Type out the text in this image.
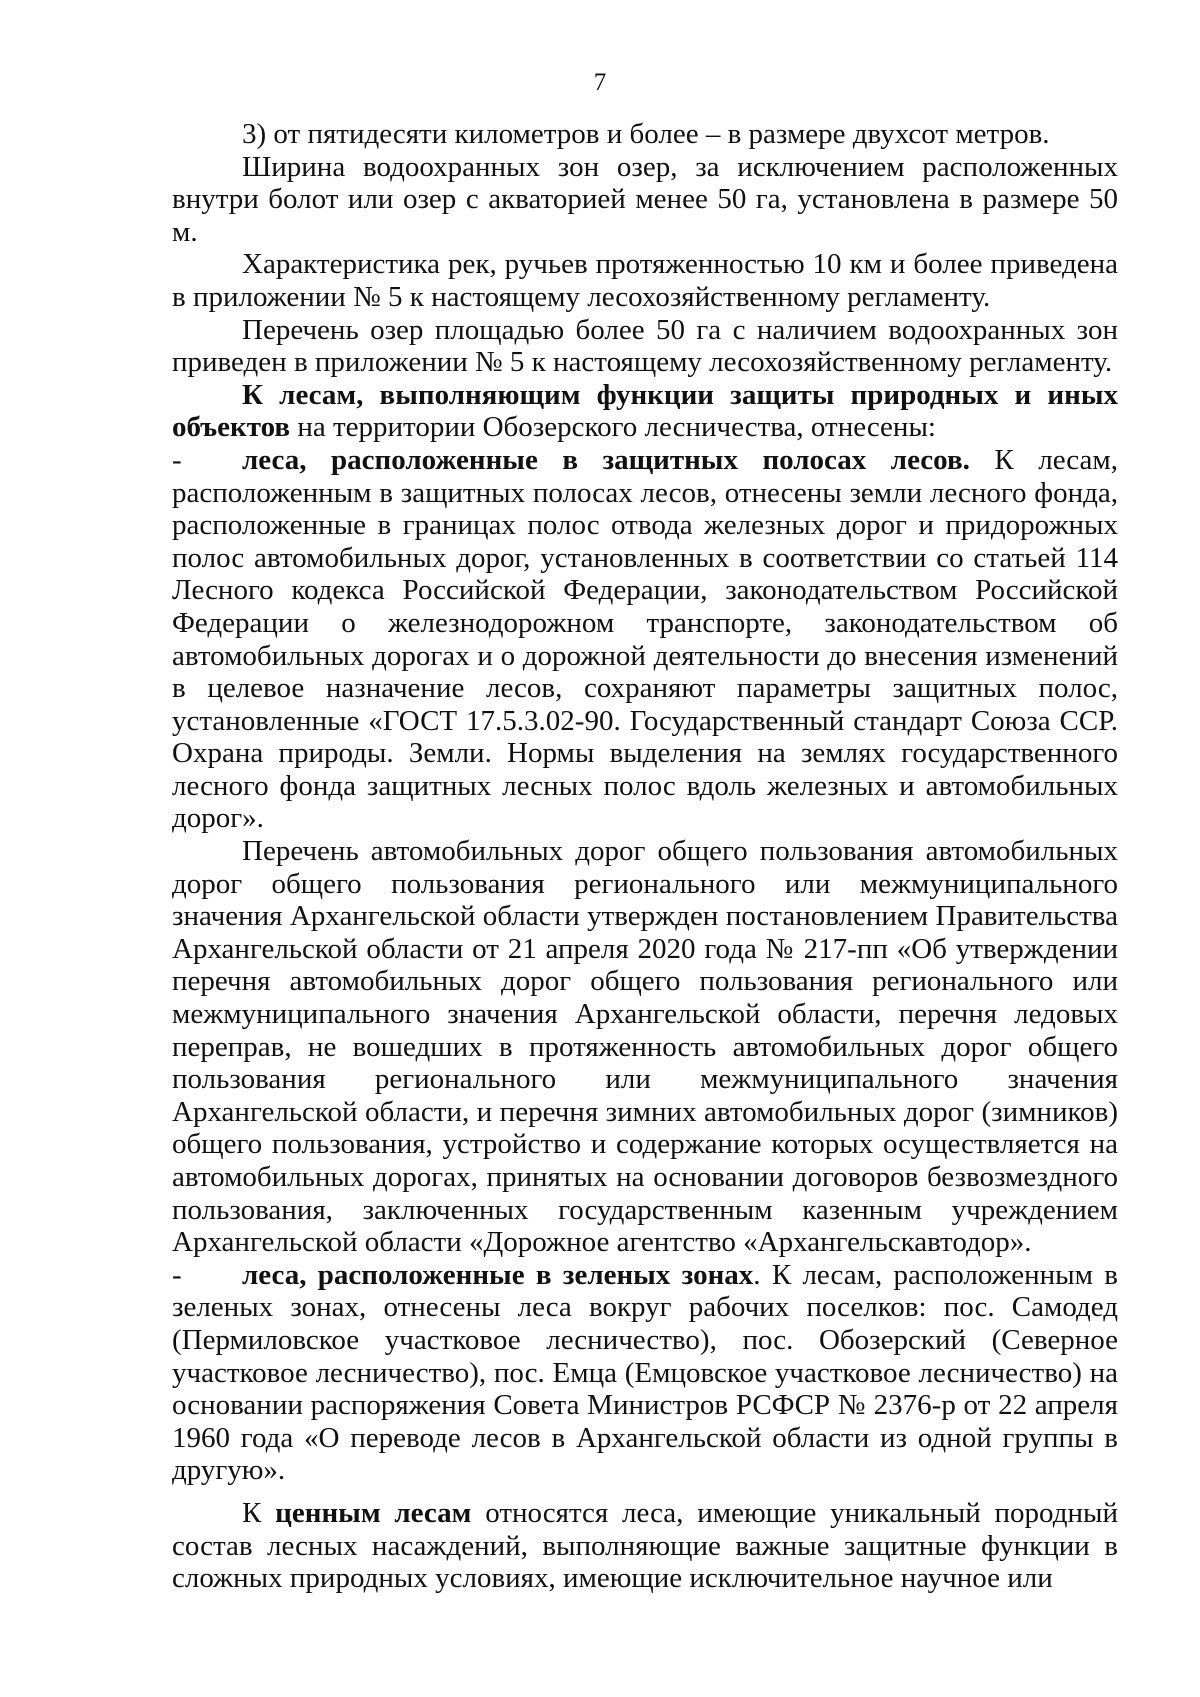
7

3) от пятидесяти километров и более – в размере двухсот метров.

Ширина водоохранных зон озер, за исключением расположенных внутри болот или озер с акваторией менее 50 га, установлена в размере 50 м.

Характеристика рек, ручьев протяженностью 10 км и более приведена в приложении № 5 к настоящему лесохозяйственному регламенту.

Перечень озер площадью более 50 га с наличием водоохранных зон приведен в приложении № 5 к настоящему лесохозяйственному регламенту.

К лесам, выполняющим функции защиты природных и иных объектов на территории Обозерского лесничества, отнесены:

- леса, расположенные в защитных полосах лесов. К лесам, расположенным в защитных полосах лесов, отнесены земли лесного фонда, расположенные в границах полос отвода железных дорог и придорожных полос автомобильных дорог, установленных в соответствии со статьей 114 Лесного кодекса Российской Федерации, законодательством Российской Федерации о железнодорожном транспорте, законодательством об автомобильных дорогах и о дорожной деятельности до внесения изменений в целевое назначение лесов, сохраняют параметры защитных полос, установленные «ГОСТ 17.5.3.02-90. Государственный стандарт Союза ССР. Охрана природы. Земли. Нормы выделения на землях государственного лесного фонда защитных лесных полос вдоль железных и автомобильных дорог».

Перечень автомобильных дорог общего пользования автомобильных дорог общего пользования регионального или межмуниципального значения Архангельской области утвержден постановлением Правительства Архангельской области от 21 апреля 2020 года № 217-пп «Об утверждении перечня автомобильных дорог общего пользования регионального или межмуниципального значения Архангельской области, перечня ледовых переправ, не вошедших в протяженность автомобильных дорог общего пользования регионального или межмуниципального значения Архангельской области, и перечня зимних автомобильных дорог (зимников) общего пользования, устройство и содержание которых осуществляется на автомобильных дорогах, принятых на основании договоров безвозмездного пользования, заключенных государственным казенным учреждением Архангельской области «Дорожное агентство «Архангельскавтодор».

- леса, расположенные в зеленых зонах. К лесам, расположенным в зеленых зонах, отнесены леса вокруг рабочих поселков: пос. Самодед (Пермиловское участковое лесничество), пос. Обозерский (Северное участковое лесничество), пос. Емца (Емцовское участковое лесничество) на основании распоряжения Совета Министров РСФСР № 2376-р от 22 апреля 1960 года «О переводе лесов в Архангельской области из одной группы в другую».

К ценным лесам относятся леса, имеющие уникальный породный состав лесных насаждений, выполняющие важные защитные функции в сложных природных условиях, имеющие исключительное научное или
